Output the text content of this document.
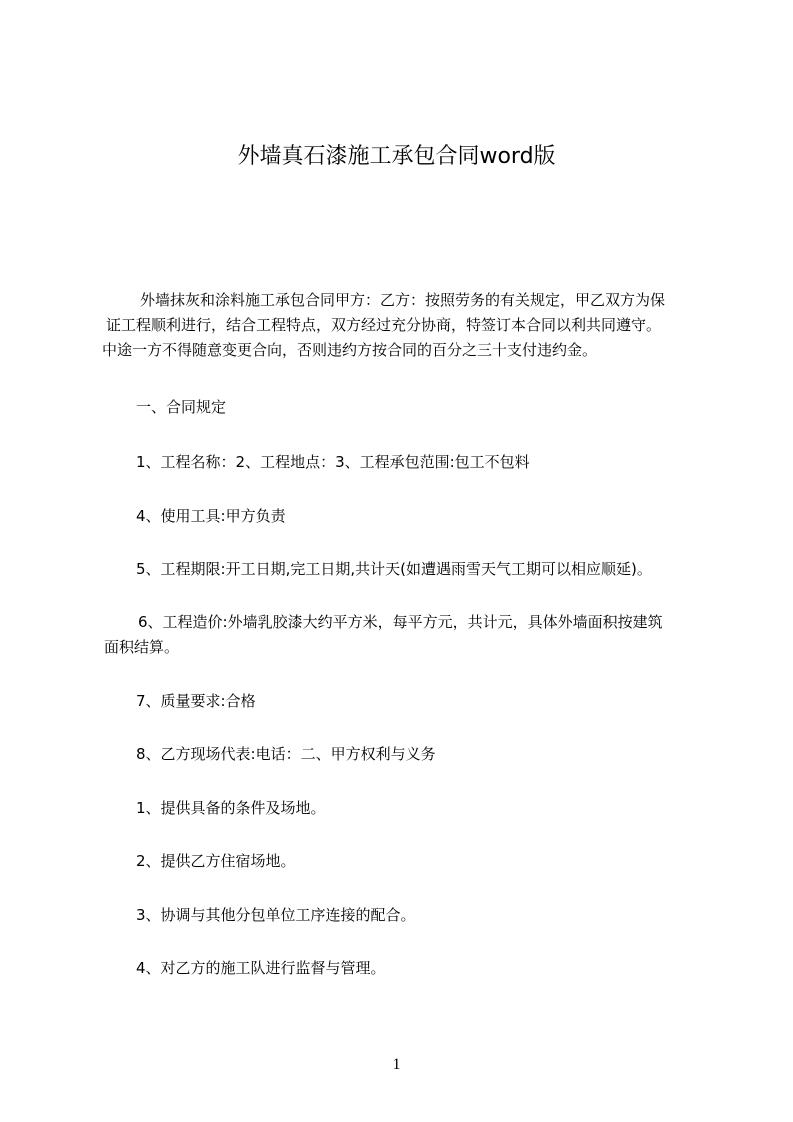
外墙真石漆施工承包合同word版
外墙抹灰和涂料施工承包合同甲方：乙方：按照劳务的有关规定，甲乙双方为保
证工程顺利进行，结合工程特点，双方经过充分协商，特签订本合同以利共同遵守。
中途一方不得随意变更合向，否则违约方按合同的百分之三十支付违约金。
一、合同规定
1、工程名称：2、工程地点：3、工程承包范围:包工不包料
4、使用工具:甲方负责
5、工程期限:开工日期,完工日期,共计天(如遭遇雨雪天气工期可以相应顺延)。
6、工程造价:外墙乳胶漆大约平方米，每平方元，共计元，具体外墙面积按建筑
面积结算。
7、质量要求:合格
8、乙方现场代表:电话：二、甲方权利与义务
1、提供具备的条件及场地。
2、提供乙方住宿场地。
3、协调与其他分包单位工序连接的配合。
4、对乙方的施工队进行监督与管理。
1
